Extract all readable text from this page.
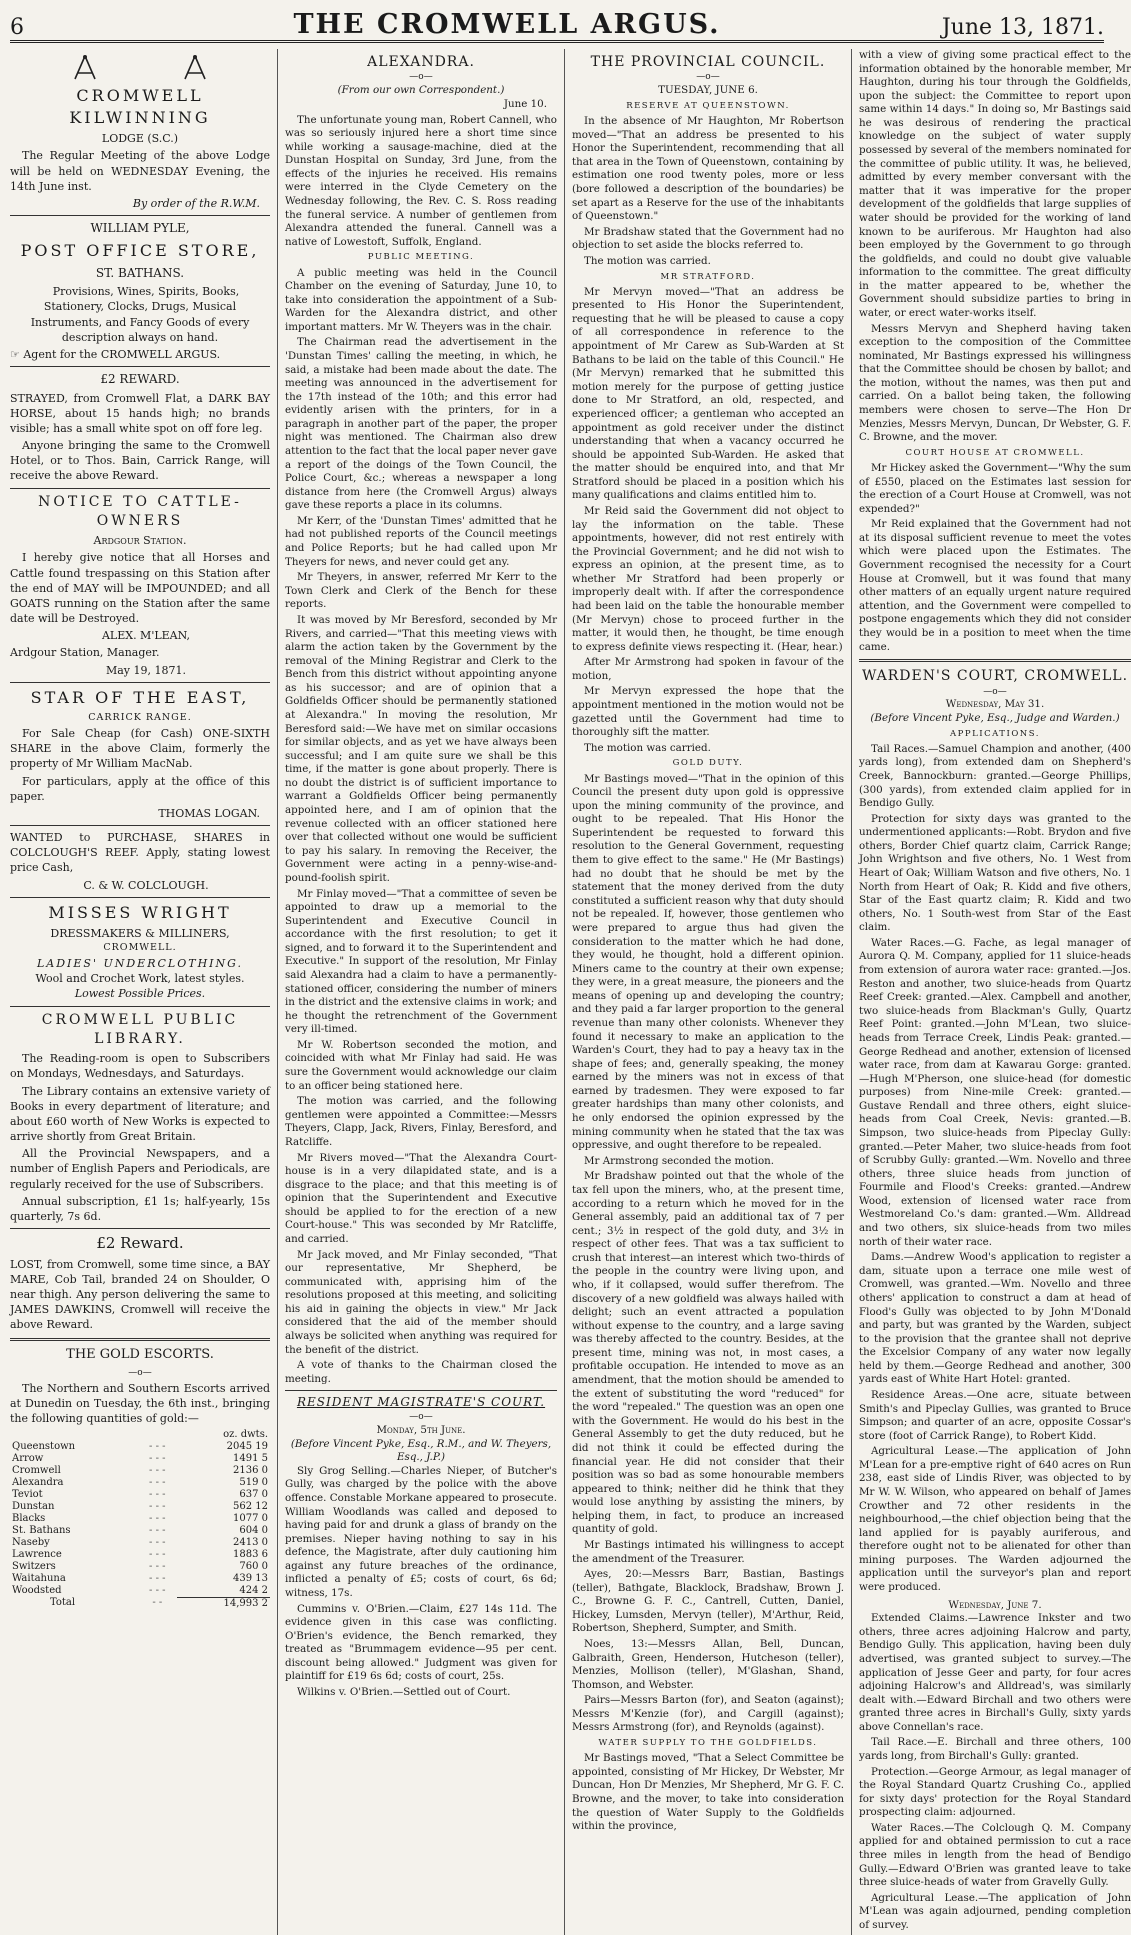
6	THE CROMWELL ARGUS.	June 13, 1871.
CROMWELL KILWINNING
LODGE (S.C.)

The Regular Meeting of the above Lodge will be held on WEDNESDAY Evening, the 14th June inst.

By order of the R.W.M.

WILLIAM PYLE,
POST OFFICE STORE,
ST. BATHANS.

Provisions, Wines, Spirits, Books, Stationery, Clocks, Drugs, Musical Instruments, and Fancy Goods of every description always on hand.

☞ Agent for the CROMWELL ARGUS.

£2 REWARD.

STRAYED, from Cromwell Flat, a DARK BAY HORSE, about 15 hands high; no brands visible; has a small white spot on off fore leg.

Anyone bringing the same to the Cromwell Hotel, or to Thos. Bain, Carrick Range, will receive the above Reward.

NOTICE TO CATTLE-OWNERS
Ardgour Station.

I hereby give notice that all Horses and Cattle found trespassing on this Station after the end of MAY will be IMPOUNDED; and all GOATS running on the Station after the same date will be Destroyed.

ALEX. M'LEAN,

Ardgour Station, Manager.

May 19, 1871.

STAR OF THE EAST,
CARRICK RANGE.

For Sale Cheap (for Cash) ONE-SIXTH SHARE in the above Claim, formerly the property of Mr William MacNab.

For particulars, apply at the office of this paper.

THOMAS LOGAN.

WANTED to PURCHASE, SHARES in COLCLOUGH'S REEF. Apply, stating lowest price Cash,

C. & W. COLCLOUGH.

MISSES WRIGHT
DRESSMAKERS & MILLINERS,
CROMWELL.
LADIES' UNDERCLOTHING.
Wool and Crochet Work, latest styles.
Lowest Possible Prices.
CROMWELL PUBLIC LIBRARY.

The Reading-room is open to Subscribers on Mondays, Wednesdays, and Saturdays.

The Library contains an extensive variety of Books in every department of literature; and about £60 worth of New Works is expected to arrive shortly from Great Britain.

All the Provincial Newspapers, and a number of English Papers and Periodicals, are regularly received for the use of Subscribers.

Annual subscription, £1 1s; half-yearly, 15s quarterly, 7s 6d.

£2 Reward.

LOST, from Cromwell, some time since, a BAY MARE, Cob Tail, branded 24 on Shoulder, O near thigh. Any person delivering the same to JAMES DAWKINS, Cromwell will receive the above Reward.

THE GOLD ESCORTS.
—o—

The Northern and Southern Escorts arrived at Dunedin on Tuesday, the 6th inst., bringing the following quantities of gold:—

		oz. dwts.
Queenstown	- - -	2045 19
Arrow	- - -	1491 5
Cromwell	- - -	2136 0
Alexandra	- - -	519 0
Teviot	- - -	637 0
Dunstan	- - -	562 12
Blacks	- - -	1077 0
St. Bathans	- - -	604 0
Naseby	- - -	2413 0
Lawrence	- - -	1883 6
Switzers	- - -	760 0
Waitahuna	- - -	439 13
Woodsted	- - -	424 2
Total	- -	14,993 2
ALEXANDRA.
—o—
(From our own Correspondent.)

June 10.

The unfortunate young man, Robert Cannell, who was so seriously injured here a short time since while working a sausage-machine, died at the Dunstan Hospital on Sunday, 3rd June, from the effects of the injuries he received. His remains were interred in the Clyde Cemetery on the Wednesday following, the Rev. C. S. Ross reading the funeral service. A number of gentlemen from Alexandra attended the funeral. Cannell was a native of Lowestoft, Suffolk, England.

PUBLIC MEETING.

A public meeting was held in the Council Chamber on the evening of Saturday, June 10, to take into consideration the appointment of a Sub-Warden for the Alexandra district, and other important matters. Mr W. Theyers was in the chair.

The Chairman read the advertisement in the 'Dunstan Times' calling the meeting, in which, he said, a mistake had been made about the date. The meeting was announced in the advertisement for the 17th instead of the 10th; and this error had evidently arisen with the printers, for in a paragraph in another part of the paper, the proper night was mentioned. The Chairman also drew attention to the fact that the local paper never gave a report of the doings of the Town Council, the Police Court, &c.; whereas a newspaper a long distance from here (the Cromwell Argus) always gave these reports a place in its columns.

Mr Kerr, of the 'Dunstan Times' admitted that he had not published reports of the Council meetings and Police Reports; but he had called upon Mr Theyers for news, and never could get any.

Mr Theyers, in answer, referred Mr Kerr to the Town Clerk and Clerk of the Bench for these reports.

It was moved by Mr Beresford, seconded by Mr Rivers, and carried—"That this meeting views with alarm the action taken by the Government by the removal of the Mining Registrar and Clerk to the Bench from this district without appointing anyone as his successor; and are of opinion that a Goldfields Officer should be permanently stationed at Alexandra." In moving the resolution, Mr Beresford said:—We have met on similar occasions for similar objects, and as yet we have always been successful; and I am quite sure we shall be this time, if the matter is gone about properly. There is no doubt the district is of sufficient importance to warrant a Goldfields Officer being permanently appointed here, and I am of opinion that the revenue collected with an officer stationed here over that collected without one would be sufficient to pay his salary. In removing the Receiver, the Government were acting in a penny-wise-and-pound-foolish spirit.

Mr Finlay moved—"That a committee of seven be appointed to draw up a memorial to the Superintendent and Executive Council in accordance with the first resolution; to get it signed, and to forward it to the Superintendent and Executive." In support of the resolution, Mr Finlay said Alexandra had a claim to have a permanently-stationed officer, considering the number of miners in the district and the extensive claims in work; and he thought the retrenchment of the Government very ill-timed.

Mr W. Robertson seconded the motion, and coincided with what Mr Finlay had said. He was sure the Government would acknowledge our claim to an officer being stationed here.

The motion was carried, and the following gentlemen were appointed a Committee:—Messrs Theyers, Clapp, Jack, Rivers, Finlay, Beresford, and Ratcliffe.

Mr Rivers moved—"That the Alexandra Court-house is in a very dilapidated state, and is a disgrace to the place; and that this meeting is of opinion that the Superintendent and Executive should be applied to for the erection of a new Court-house." This was seconded by Mr Ratcliffe, and carried.

Mr Jack moved, and Mr Finlay seconded, "That our representative, Mr Shepherd, be communicated with, apprising him of the resolutions proposed at this meeting, and soliciting his aid in gaining the objects in view." Mr Jack considered that the aid of the member should always be solicited when anything was required for the benefit of the district.

A vote of thanks to the Chairman closed the meeting.

RESIDENT MAGISTRATE'S COURT.
—o—
Monday, 5th June.
(Before Vincent Pyke, Esq., R.M., and W. Theyers, Esq., J.P.)

Sly Grog Selling.—Charles Nieper, of Butcher's Gully, was charged by the police with the above offence. Constable Morkane appeared to prosecute. William Woodlands was called and deposed to having paid for and drunk a glass of brandy on the premises. Nieper having nothing to say in his defence, the Magistrate, after duly cautioning him against any future breaches of the ordinance, inflicted a penalty of £5; costs of court, 6s 6d; witness, 17s.

Cummins v. O'Brien.—Claim, £27 14s 11d. The evidence given in this case was conflicting. O'Brien's evidence, the Bench remarked, they treated as "Brummagem evidence—95 per cent. discount being allowed." Judgment was given for plaintiff for £19 6s 6d; costs of court, 25s.

Wilkins v. O'Brien.—Settled out of Court.

THE PROVINCIAL COUNCIL.
—o—
TUESDAY, JUNE 6.
RESERVE AT QUEENSTOWN.

In the absence of Mr Haughton, Mr Robertson moved—"That an address be presented to his Honor the Superintendent, recommending that all that area in the Town of Queenstown, containing by estimation one rood twenty poles, more or less (bore followed a description of the boundaries) be set apart as a Reserve for the use of the inhabitants of Queenstown."

Mr Bradshaw stated that the Government had no objection to set aside the blocks referred to.

The motion was carried.

MR STRATFORD.

Mr Mervyn moved—"That an address be presented to His Honor the Superintendent, requesting that he will be pleased to cause a copy of all correspondence in reference to the appointment of Mr Carew as Sub-Warden at St Bathans to be laid on the table of this Council." He (Mr Mervyn) remarked that he submitted this motion merely for the purpose of getting justice done to Mr Stratford, an old, respected, and experienced officer; a gentleman who accepted an appointment as gold receiver under the distinct understanding that when a vacancy occurred he should be appointed Sub-Warden. He asked that the matter should be enquired into, and that Mr Stratford should be placed in a position which his many qualifications and claims entitled him to.

Mr Reid said the Government did not object to lay the information on the table. These appointments, however, did not rest entirely with the Provincial Government; and he did not wish to express an opinion, at the present time, as to whether Mr Stratford had been properly or improperly dealt with. If after the correspondence had been laid on the table the honourable member (Mr Mervyn) chose to proceed further in the matter, it would then, he thought, be time enough to express definite views respecting it. (Hear, hear.)

After Mr Armstrong had spoken in favour of the motion,

Mr Mervyn expressed the hope that the appointment mentioned in the motion would not be gazetted until the Government had time to thoroughly sift the matter.

The motion was carried.

GOLD DUTY.

Mr Bastings moved—"That in the opinion of this Council the present duty upon gold is oppressive upon the mining community of the province, and ought to be repealed. That His Honor the Superintendent be requested to forward this resolution to the General Government, requesting them to give effect to the same." He (Mr Bastings) had no doubt that he should be met by the statement that the money derived from the duty constituted a sufficient reason why that duty should not be repealed. If, however, those gentlemen who were prepared to argue thus had given the consideration to the matter which he had done, they would, he thought, hold a different opinion. Miners came to the country at their own expense; they were, in a great measure, the pioneers and the means of opening up and developing the country; and they paid a far larger proportion to the general revenue than many other colonists. Whenever they found it necessary to make an application to the Warden's Court, they had to pay a heavy tax in the shape of fees; and, generally speaking, the money earned by the miners was not in excess of that earned by tradesmen. They were exposed to far greater hardships than many other colonists, and he only endorsed the opinion expressed by the mining community when he stated that the tax was oppressive, and ought therefore to be repealed.

Mr Armstrong seconded the motion.

Mr Bradshaw pointed out that the whole of the tax fell upon the miners, who, at the present time, according to a return which he moved for in the General assembly, paid an additional tax of 7 per cent.; 3½ in respect of the gold duty, and 3½ in respect of other fees. That was a tax sufficient to crush that interest—an interest which two-thirds of the people in the country were living upon, and who, if it collapsed, would suffer therefrom. The discovery of a new goldfield was always hailed with delight; such an event attracted a population without expense to the country, and a large saving was thereby affected to the country. Besides, at the present time, mining was not, in most cases, a profitable occupation. He intended to move as an amendment, that the motion should be amended to the extent of substituting the word "reduced" for the word "repealed." The question was an open one with the Government. He would do his best in the General Assembly to get the duty reduced, but he did not think it could be effected during the financial year. He did not consider that their position was so bad as some honourable members appeared to think; neither did he think that they would lose anything by assisting the miners, by helping them, in fact, to produce an increased quantity of gold.

Mr Bastings intimated his willingness to accept the amendment of the Treasurer.

Ayes, 20:—Messrs Barr, Bastian, Bastings (teller), Bathgate, Blacklock, Bradshaw, Brown J. C., Browne G. F. C., Cantrell, Cutten, Daniel, Hickey, Lumsden, Mervyn (teller), M'Arthur, Reid, Robertson, Shepherd, Sumpter, and Smith.

Noes, 13:—Messrs Allan, Bell, Duncan, Galbraith, Green, Henderson, Hutcheson (teller), Menzies, Mollison (teller), M'Glashan, Shand, Thomson, and Webster.

Pairs—Messrs Barton (for), and Seaton (against); Messrs M'Kenzie (for), and Cargill (against); Messrs Armstrong (for), and Reynolds (against).

WATER SUPPLY TO THE GOLDFIELDS.

Mr Bastings moved, "That a Select Committee be appointed, consisting of Mr Hickey, Dr Webster, Mr Duncan, Hon Dr Menzies, Mr Shepherd, Mr G. F. C. Browne, and the mover, to take into consideration the question of Water Supply to the Goldfields within the province,

with a view of giving some practical effect to the information obtained by the honorable member, Mr Haughton, during his tour through the Goldfields, upon the subject: the Committee to report upon same within 14 days." In doing so, Mr Bastings said he was desirous of rendering the practical knowledge on the subject of water supply possessed by several of the members nominated for the committee of public utility. It was, he believed, admitted by every member conversant with the matter that it was imperative for the proper development of the goldfields that large supplies of water should be provided for the working of land known to be auriferous. Mr Haughton had also been employed by the Government to go through the goldfields, and could no doubt give valuable information to the committee. The great difficulty in the matter appeared to be, whether the Government should subsidize parties to bring in water, or erect water-works itself.

Messrs Mervyn and Shepherd having taken exception to the composition of the Committee nominated, Mr Bastings expressed his willingness that the Committee should be chosen by ballot; and the motion, without the names, was then put and carried. On a ballot being taken, the following members were chosen to serve—The Hon Dr Menzies, Messrs Mervyn, Duncan, Dr Webster, G. F. C. Browne, and the mover.

COURT HOUSE AT CROMWELL.

Mr Hickey asked the Government—"Why the sum of £550, placed on the Estimates last session for the erection of a Court House at Cromwell, was not expended?"

Mr Reid explained that the Government had not at its disposal sufficient revenue to meet the votes which were placed upon the Estimates. The Government recognised the necessity for a Court House at Cromwell, but it was found that many other matters of an equally urgent nature required attention, and the Government were compelled to postpone engagements which they did not consider they would be in a position to meet when the time came.

WARDEN'S COURT, CROMWELL.
—o—
Wednesday, May 31.
(Before Vincent Pyke, Esq., Judge and Warden.)
APPLICATIONS.

Tail Races.—Samuel Champion and another, (400 yards long), from extended dam on Shepherd's Creek, Bannockburn: granted.—George Phillips, (300 yards), from extended claim applied for in Bendigo Gully.

Protection for sixty days was granted to the undermentioned applicants:—Robt. Brydon and five others, Border Chief quartz claim, Carrick Range; John Wrightson and five others, No. 1 West from Heart of Oak; William Watson and five others, No. 1 North from Heart of Oak; R. Kidd and five others, Star of the East quartz claim; R. Kidd and two others, No. 1 South-west from Star of the East claim.

Water Races.—G. Fache, as legal manager of Aurora Q. M. Company, applied for 11 sluice-heads from extension of aurora water race: granted.—Jos. Reston and another, two sluice-heads from Quartz Reef Creek: granted.—Alex. Campbell and another, two sluice-heads from Blackman's Gully, Quartz Reef Point: granted.—John M'Lean, two sluice-heads from Terrace Creek, Lindis Peak: granted.—George Redhead and another, extension of licensed water race, from dam at Kawarau Gorge: granted.—Hugh M'Pherson, one sluice-head (for domestic purposes) from Nine-mile Creek: granted.—Gustave Rendall and three others, eight sluice-heads from Coal Creek, Nevis: granted.—B. Simpson, two sluice-heads from Pipeclay Gully: granted.—Peter Maher, two sluice-heads from foot of Scrubby Gully: granted.—Wm. Novello and three others, three sluice heads from junction of Fourmile and Flood's Creeks: granted.—Andrew Wood, extension of licensed water race from Westmoreland Co.'s dam: granted.—Wm. Alldread and two others, six sluice-heads from two miles north of their water race.

Dams.—Andrew Wood's application to register a dam, situate upon a terrace one mile west of Cromwell, was granted.—Wm. Novello and three others' application to construct a dam at head of Flood's Gully was objected to by John M'Donald and party, but was granted by the Warden, subject to the provision that the grantee shall not deprive the Excelsior Company of any water now legally held by them.—George Redhead and another, 300 yards east of White Hart Hotel: granted.

Residence Areas.—One acre, situate between Smith's and Pipeclay Gullies, was granted to Bruce Simpson; and quarter of an acre, opposite Cossar's store (foot of Carrick Range), to Robert Kidd.

Agricultural Lease.—The application of John M'Lean for a pre-emptive right of 640 acres on Run 238, east side of Lindis River, was objected to by Mr W. W. Wilson, who appeared on behalf of James Crowther and 72 other residents in the neighbourhood,—the chief objection being that the land applied for is payably auriferous, and therefore ought not to be alienated for other than mining purposes. The Warden adjourned the application until the surveyor's plan and report were produced.

Wednesday, June 7.

Extended Claims.—Lawrence Inkster and two others, three acres adjoining Halcrow and party, Bendigo Gully. This application, having been duly advertised, was granted subject to survey.—The application of Jesse Geer and party, for four acres adjoining Halcrow's and Alldread's, was similarly dealt with.—Edward Birchall and two others were granted three acres in Birchall's Gully, sixty yards above Connellan's race.

Tail Race.—E. Birchall and three others, 100 yards long, from Birchall's Gully: granted.

Protection.—George Armour, as legal manager of the Royal Standard Quartz Crushing Co., applied for sixty days' protection for the Royal Standard prospecting claim: adjourned.

Water Races.—The Colclough Q. M. Company applied for and obtained permission to cut a race three miles in length from the head of Bendigo Gully.—Edward O'Brien was granted leave to take three sluice-heads of water from Gravelly Gully.

Agricultural Lease.—The application of John M'Lean was again adjourned, pending completion of survey.
